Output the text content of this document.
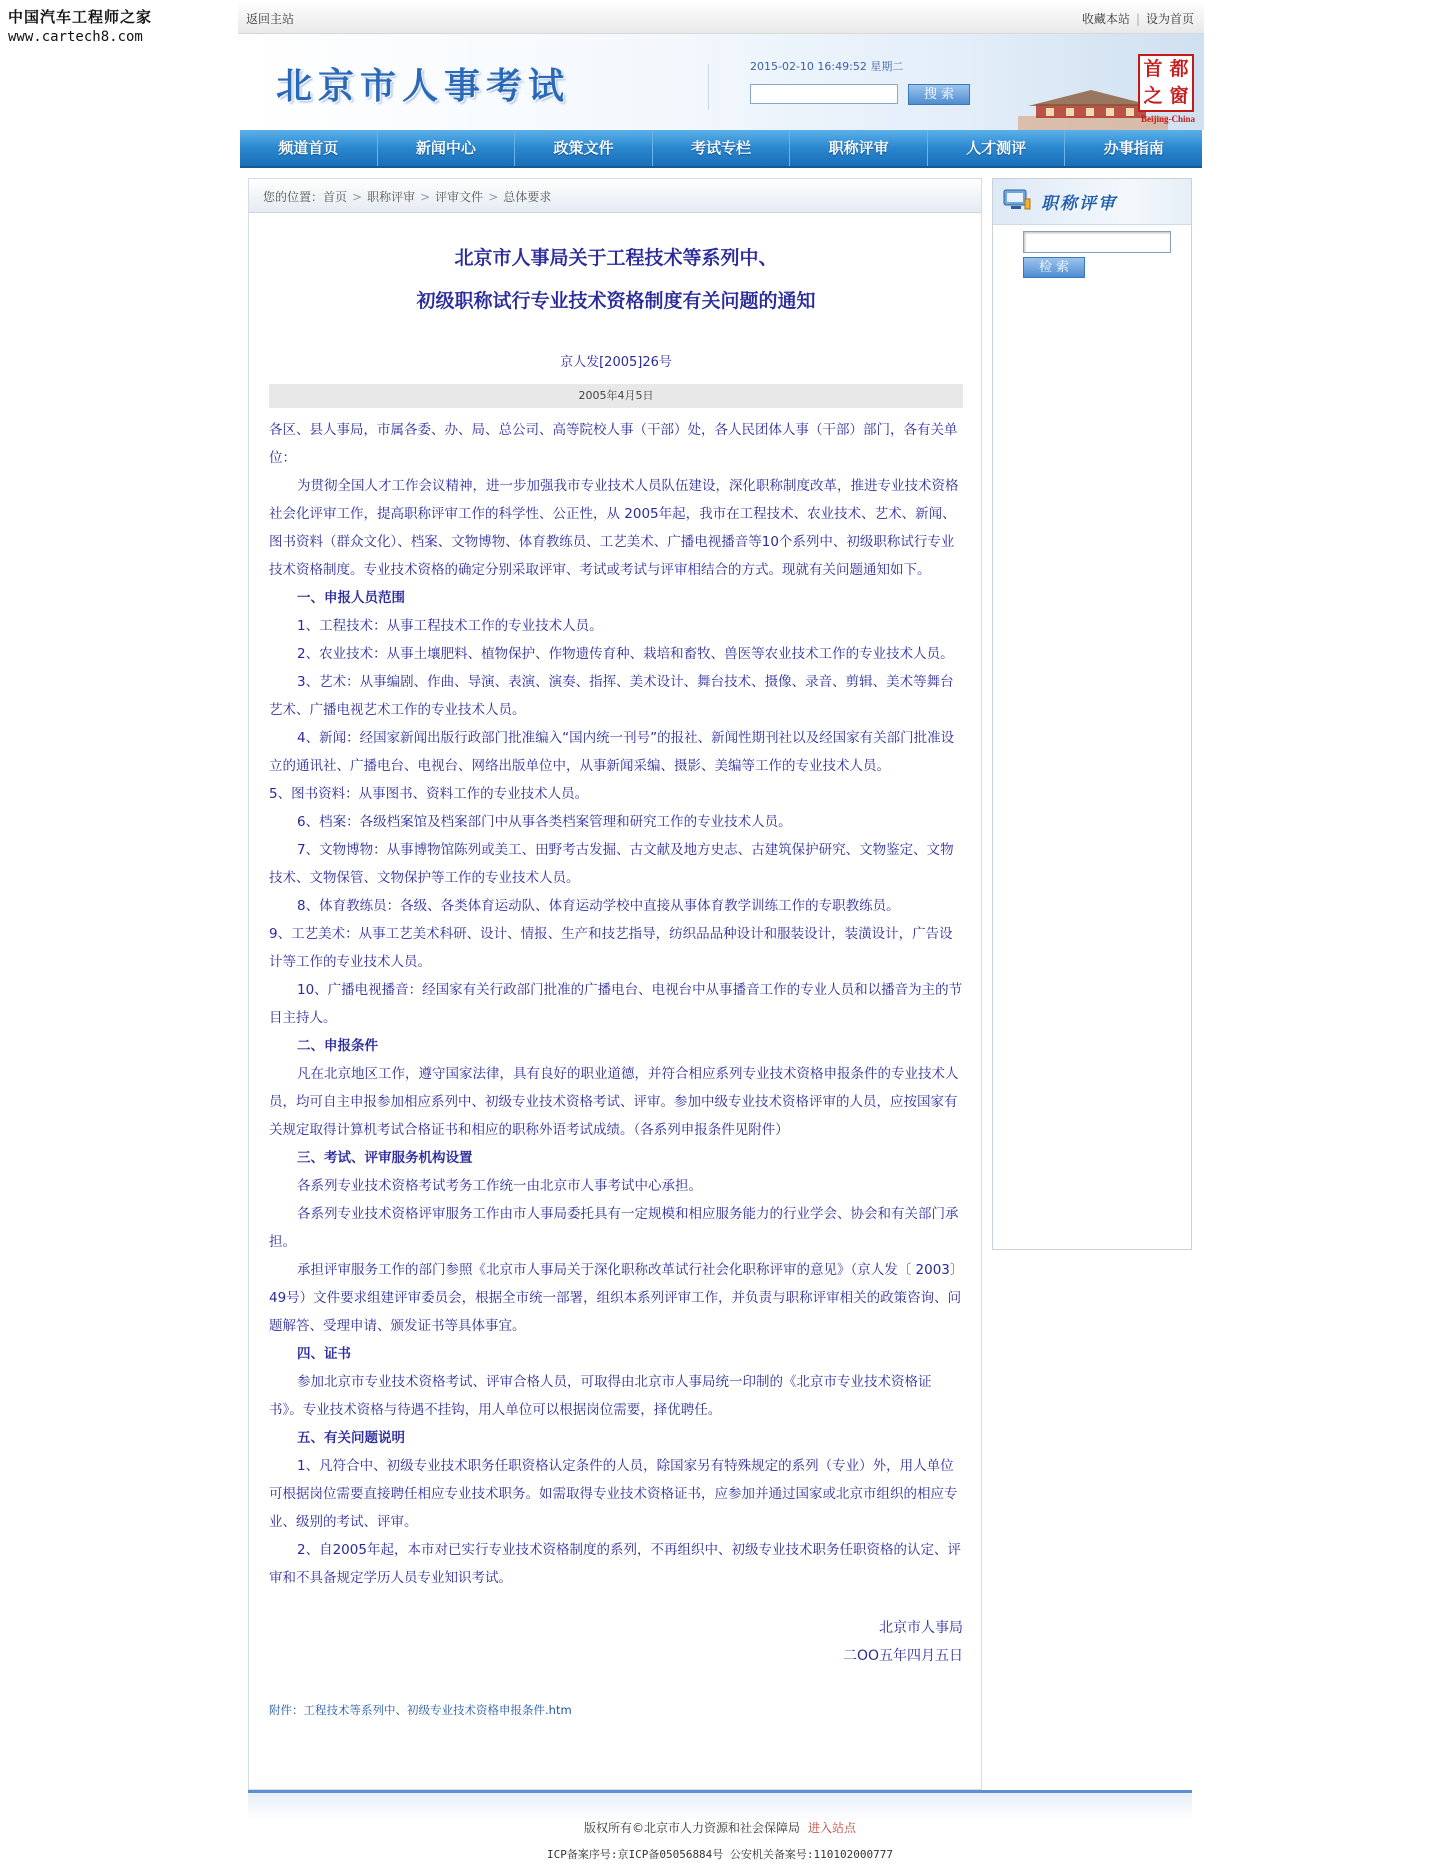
中国汽车工程师之家
www.cartech8.com
返回主站	收藏本站 | 设为首页
北京市人事考试	2015-02-10 16:49:52 星期二
搜索
首 都
之 窗
Beijing-China
频道首页	新闻中心	政策文件	考试专栏	职称评审	人才测评	办事指南
您的位置：首页 > 职称评审 > 评审文件 > 总体要求
北京市人事局关于工程技术等系列中、
初级职称试行专业技术资格制度有关问题的通知
京人发[2005]26号
2005年4月5日

各区、县人事局，市属各委、办、局、总公司、高等院校人事（干部）处，各人民团体人事（干部）部门，各有关单位：

为贯彻全国人才工作会议精神，进一步加强我市专业技术人员队伍建设，深化职称制度改革，推进专业技术资格社会化评审工作，提高职称评审工作的科学性、公正性，从 2005年起，我市在工程技术、农业技术、艺术、新闻、图书资料（群众文化）、档案、文物博物、体育教练员、工艺美术、广播电视播音等10个系列中、初级职称试行专业技术资格制度。专业技术资格的确定分别采取评审、考试或考试与评审相结合的方式。现就有关问题通知如下。

一、申报人员范围

1、工程技术：从事工程技术工作的专业技术人员。

2、农业技术：从事土壤肥料、植物保护、作物遗传育种、栽培和畜牧、兽医等农业技术工作的专业技术人员。

3、艺术：从事编剧、作曲、导演、表演、演奏、指挥、美术设计、舞台技术、摄像、录音、剪辑、美术等舞台艺术、广播电视艺术工作的专业技术人员。

4、新闻：经国家新闻出版行政部门批准编入“国内统一刊号”的报社、新闻性期刊社以及经国家有关部门批准设立的通讯社、广播电台、电视台、网络出版单位中，从事新闻采编、摄影、美编等工作的专业技术人员。

5、图书资料：从事图书、资料工作的专业技术人员。

6、档案：各级档案馆及档案部门中从事各类档案管理和研究工作的专业技术人员。

7、文物博物：从事博物馆陈列或美工、田野考古发掘、古文献及地方史志、古建筑保护研究、文物鉴定、文物技术、文物保管、文物保护等工作的专业技术人员。

8、体育教练员：各级、各类体育运动队、体育运动学校中直接从事体育教学训练工作的专职教练员。

9、工艺美术：从事工艺美术科研、设计、情报、生产和技艺指导，纺织品品种设计和服装设计，装潢设计，广告设计等工作的专业技术人员。

10、广播电视播音：经国家有关行政部门批准的广播电台、电视台中从事播音工作的专业人员和以播音为主的节目主持人。

二、申报条件

凡在北京地区工作，遵守国家法律，具有良好的职业道德，并符合相应系列专业技术资格申报条件的专业技术人员，均可自主申报参加相应系列中、初级专业技术资格考试、评审。参加中级专业技术资格评审的人员，应按国家有关规定取得计算机考试合格证书和相应的职称外语考试成绩。（各系列申报条件见附件）

三、考试、评审服务机构设置

各系列专业技术资格考试考务工作统一由北京市人事考试中心承担。

各系列专业技术资格评审服务工作由市人事局委托具有一定规模和相应服务能力的行业学会、协会和有关部门承担。

承担评审服务工作的部门参照《北京市人事局关于深化职称改革试行社会化职称评审的意见》（京人发〔 2003〕49号）文件要求组建评审委员会，根据全市统一部署，组织本系列评审工作，并负责与职称评审相关的政策咨询、问题解答、受理申请、颁发证书等具体事宜。

四、证书

参加北京市专业技术资格考试、评审合格人员，可取得由北京市人事局统一印制的《北京市专业技术资格证书》。专业技术资格与待遇不挂钩，用人单位可以根据岗位需要，择优聘任。

五、有关问题说明

1、凡符合中、初级专业技术职务任职资格认定条件的人员，除国家另有特殊规定的系列（专业）外，用人单位可根据岗位需要直接聘任相应专业技术职务。如需取得专业技术资格证书，应参加并通过国家或北京市组织的相应专业、级别的考试、评审。

2、自2005年起，本市对已实行专业技术资格制度的系列，不再组织中、初级专业技术职务任职资格的认定、评审和不具备规定学历人员专业知识考试。

北京市人事局
二OO五年四月五日
附件：工程技术等系列中、初级专业技术资格申报条件.htm
职称评审
检索
版权所有©北京市人力资源和社会保障局 进入站点
ICP备案序号:京ICP备05056884号 公安机关备案号:110102000777
